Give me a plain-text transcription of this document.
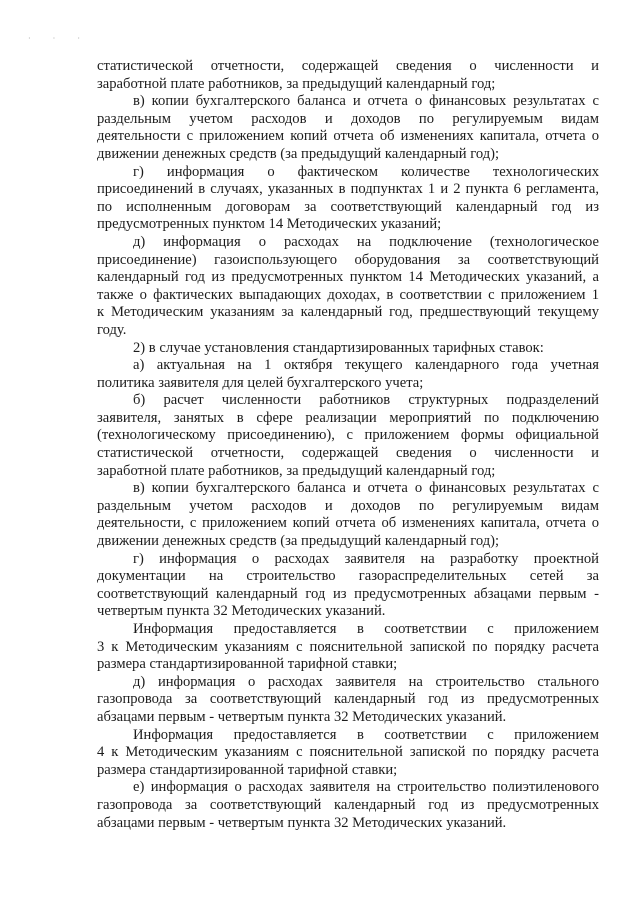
· · ·

статистической отчетности, содержащей сведения о численности и

заработной плате работников, за предыдущий календарный год;

в) копии бухгалтерского баланса и отчета о финансовых результатах с

раздельным учетом расходов и доходов по регулируемым видам

деятельности с приложением копий отчета об изменениях капитала, отчета о

движении денежных средств (за предыдущий календарный год);

г) информация о фактическом количестве технологических

присоединений в случаях, указанных в подпунктах 1 и 2 пункта 6 регламента,

по исполненным договорам за соответствующий календарный год из

предусмотренных пунктом 14 Методических указаний;

д) информация о расходах на подключение (технологическое

присоединение) газоиспользующего оборудования за соответствующий

календарный год из предусмотренных пунктом 14 Методических указаний, а

также о фактических выпадающих доходах, в соответствии с приложением 1

к Методическим указаниям за календарный год, предшествующий текущему

году.

2) в случае установления стандартизированных тарифных ставок:

а) актуальная на 1 октября текущего календарного года учетная

политика заявителя для целей бухгалтерского учета;

б) расчет численности работников структурных подразделений

заявителя, занятых в сфере реализации мероприятий по подключению

(технологическому присоединению), с приложением формы официальной

статистической отчетности, содержащей сведения о численности и

заработной плате работников, за предыдущий календарный год;

в) копии бухгалтерского баланса и отчета о финансовых результатах с

раздельным учетом расходов и доходов по регулируемым видам

деятельности, с приложением копий отчета об изменениях капитала, отчета о

движении денежных средств (за предыдущий календарный год);

г) информация о расходах заявителя на разработку проектной

документации на строительство газораспределительных сетей за

соответствующий календарный год из предусмотренных абзацами первым -

четвертым пункта 32 Методических указаний.

Информация предоставляется в соответствии с приложением

3 к Методическим указаниям с пояснительной запиской по порядку расчета

размера стандартизированной тарифной ставки;

д) информация о расходах заявителя на строительство стального

газопровода за соответствующий календарный год из предусмотренных

абзацами первым - четвертым пункта 32 Методических указаний.

Информация предоставляется в соответствии с приложением

4 к Методическим указаниям с пояснительной запиской по порядку расчета

размера стандартизированной тарифной ставки;

е) информация о расходах заявителя на строительство полиэтиленового

газопровода за соответствующий календарный год из предусмотренных

абзацами первым - четвертым пункта 32 Методических указаний.
